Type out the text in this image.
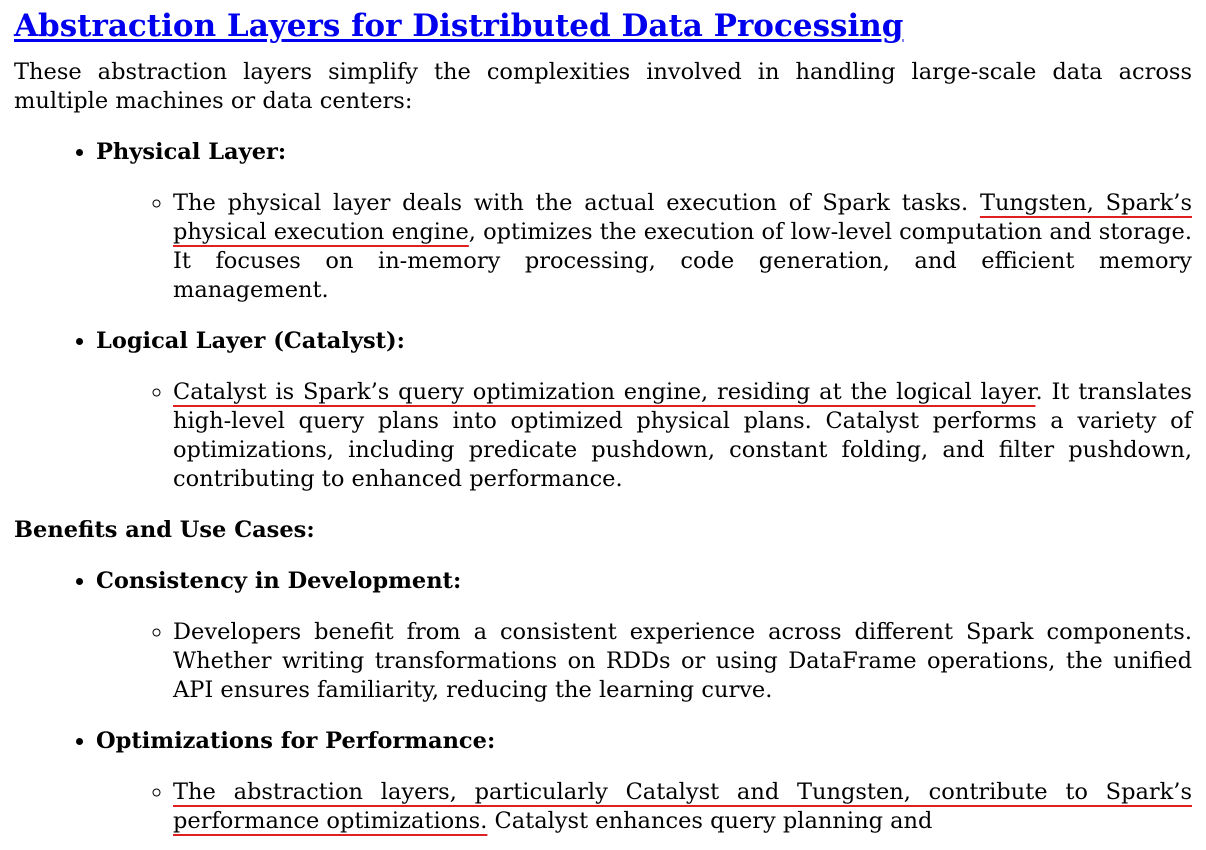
Abstraction Layers for Distributed Data Processing

These abstraction layers simplify the complexities involved in handling large-scale data across multiple machines or data centers:

• Physical Layer:

◦ The physical layer deals with the actual execution of Spark tasks. Tungsten, Spark’s physical execution engine, optimizes the execution of low-level computation and storage. It focuses on in-memory processing, code generation, and efficient memory management.

• Logical Layer (Catalyst):

◦ Catalyst is Spark’s query optimization engine, residing at the logical layer. It translates high-level query plans into optimized physical plans. Catalyst performs a variety of optimizations, including predicate pushdown, constant folding, and filter pushdown, contributing to enhanced performance.

Benefits and Use Cases:

• Consistency in Development:

◦ Developers benefit from a consistent experience across different Spark components. Whether writing transformations on RDDs or using DataFrame operations, the unified API ensures familiarity, reducing the learning curve.

• Optimizations for Performance:

◦ The abstraction layers, particularly Catalyst and Tungsten, contribute to Spark’s performance optimizations. Catalyst enhances query planning and
